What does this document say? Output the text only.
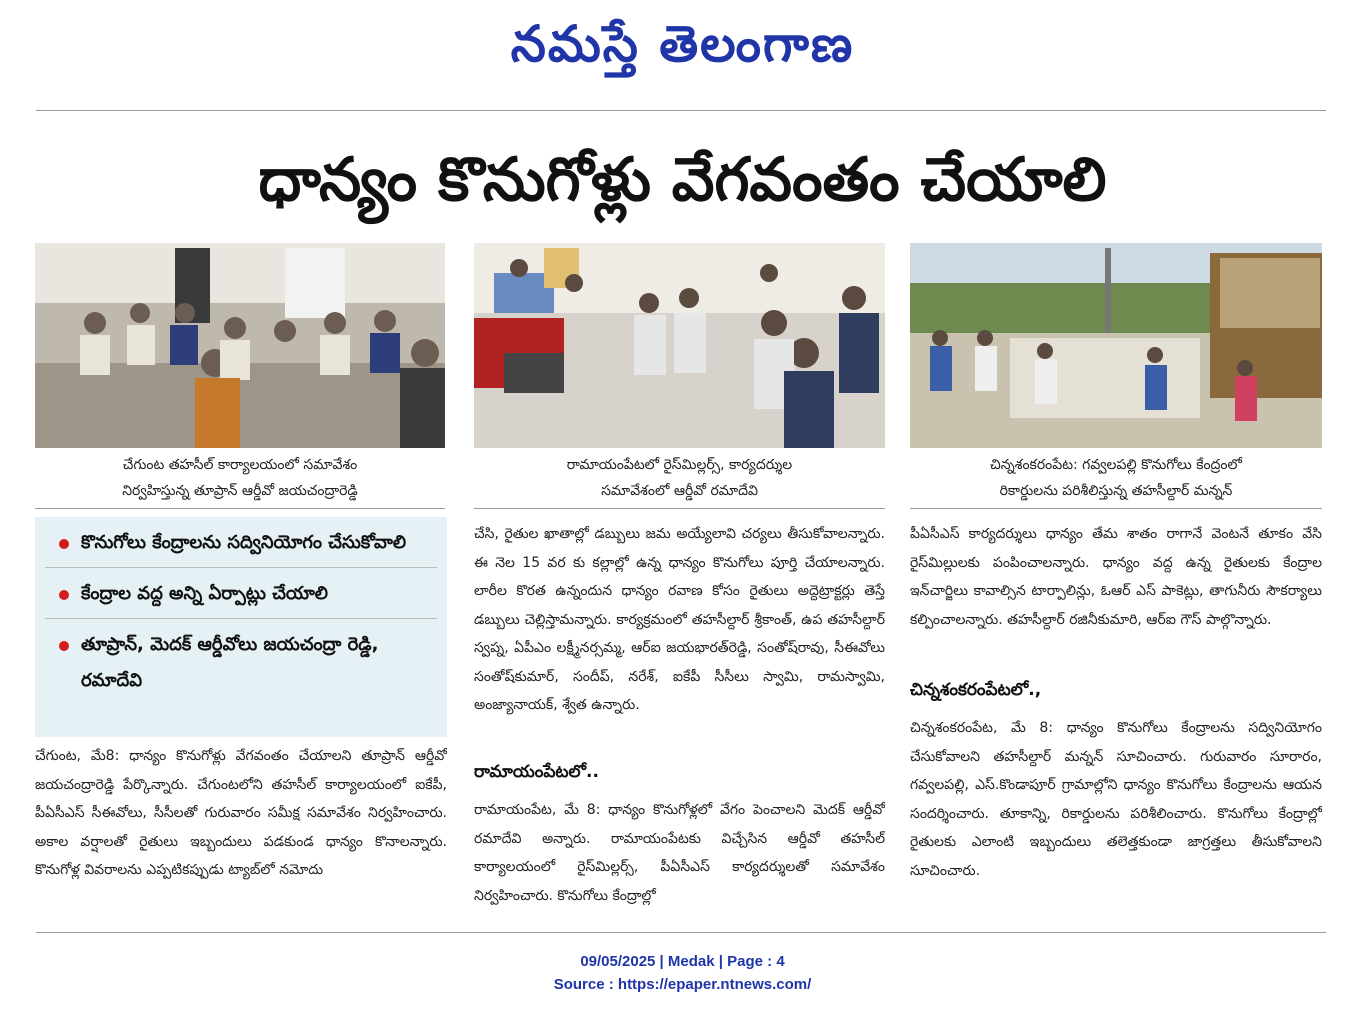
నమస్తే తెలంగాణ
ధాన్యం కొనుగోళ్లు వేగవంతం చేయాలి
చేగుంట తహసీల్ కార్యాలయంలో సమావేశం
నిర్వహిస్తున్న తూప్రాన్ ఆర్డీవో జయచంద్రారెడ్డి
కొనుగోలు కేంద్రాలను సద్వినియోగం చేసుకోవాలి
కేంద్రాల వద్ద అన్ని ఏర్పాట్లు చేయాలి
తూప్రాన్, మెదక్ ఆర్డీవోలు జయచంద్రా రెడ్డి, రమాదేవి
చేగుంట, మే8: ధాన్యం కొనుగోళ్లు వేగవంతం చేయాలని తూప్రాన్ ఆర్డీవో జయచంద్రారెడ్డి పేర్కొన్నారు. చేగుంటలోని తహసీల్ కార్యాలయంలో ఐకేపీ, పీఏసీఎస్ సీఈవోలు, సీసీలతో గురువారం సమీక్ష సమావేశం నిర్వహించారు. అకాల వర్షాలతో రైతులు ఇబ్బందులు పడకుండ ధాన్యం కొనాలన్నారు. కొనుగోళ్ల వివరాలను ఎప్పటికప్పుడు ట్యాబ్‌లో నమోదు
రామాయంపేటలో రైస్‌మిల్లర్స్, కార్యదర్శుల
సమావేశంలో ఆర్డీవో రమాదేవి
చేసి, రైతుల ఖాతాల్లో డబ్బులు జమ అయ్యేలావి చర్యలు తీసుకోవాలన్నారు. ఈ నెల 15 వర కు కల్లాల్లో ఉన్న ధాన్యం కొనుగోలు పూర్తి చేయాలన్నారు. లారీల కొరత ఉన్నందున ధాన్యం రవాణ కోసం రైతులు అద్దెట్రాక్టర్లు తెస్తే డబ్బులు చెల్లిస్తామన్నారు. కార్యక్రమంలో తహసీల్దార్ శ్రీకాంత్, ఉప తహసీల్దార్ స్వప్న, ఏపీఎం లక్ష్మీనర్సమ్మ, ఆర్ఐ జయభారత్‌రెడ్డి, సంతోష్‌రావు, సీఈవోలు సంతోష్‌కుమార్, సందీప్, నరేశ్, ఐకేపీ సీసీలు స్వామి, రామస్వామి, అంజ్యానాయక్, శ్వేత ఉన్నారు.
రామాయంపేటలో..
రామాయంపేట, మే 8: ధాన్యం కొనుగోళ్లలో వేగం పెంచాలని మెదక్ ఆర్డీవో రమాదేవి అన్నారు. రామాయంపేటకు విచ్చేసిన ఆర్డీవో తహసీల్ కార్యాలయంలో రైస్‌మిల్లర్స్, పీఏసీఎస్ కార్యదర్శులతో సమావేశం నిర్వహించారు. కొనుగోలు కేంద్రాల్లో
చిన్నశంకరంపేట: గవ్వలపల్లి కొనుగోలు కేంద్రంలో
రికార్డులను పరిశీలిస్తున్న తహసీల్దార్ మన్నన్
పీఏసీఎస్ కార్యదర్శులు ధాన్యం తేమ శాతం రాగానే వెంటనే తూకం వేసి రైస్‌మిల్లులకు పంపించాలన్నారు. ధాన్యం వద్ద ఉన్న రైతులకు కేంద్రాల ఇన్‌చార్జిలు కావాల్సిన టార్పాలిన్లు, ఓఆర్ ఎస్ పాకెట్లు, తాగునీరు సౌకర్యాలు కల్పించాలన్నారు. తహసీల్దార్ రజినీకుమారి, ఆర్ఐ గౌస్ పాల్గొన్నారు.
చిన్నశంకరంపేటలో.,
చిన్నశంకరంపేట, మే 8: ధాన్యం కొనుగోలు కేంద్రాలను సద్వినియోగం చేసుకోవాలని తహసీల్దార్ మన్నన్ సూచించారు. గురువారం సూరారం, గవ్వలపల్లి, ఎస్.కొండాపూర్ గ్రామాల్లోని ధాన్యం కొనుగోలు కేంద్రాలను ఆయన సందర్శించారు. తూకాన్ని, రికార్డులను పరిశీలించారు. కొనుగోలు కేంద్రాల్లో రైతులకు ఎలాంటి ఇబ్బందులు తలెత్తకుండా జాగ్రత్తలు తీసుకోవాలని సూచించారు.
09/05/2025 | Medak | Page : 4
Source : https://epaper.ntnews.com/
